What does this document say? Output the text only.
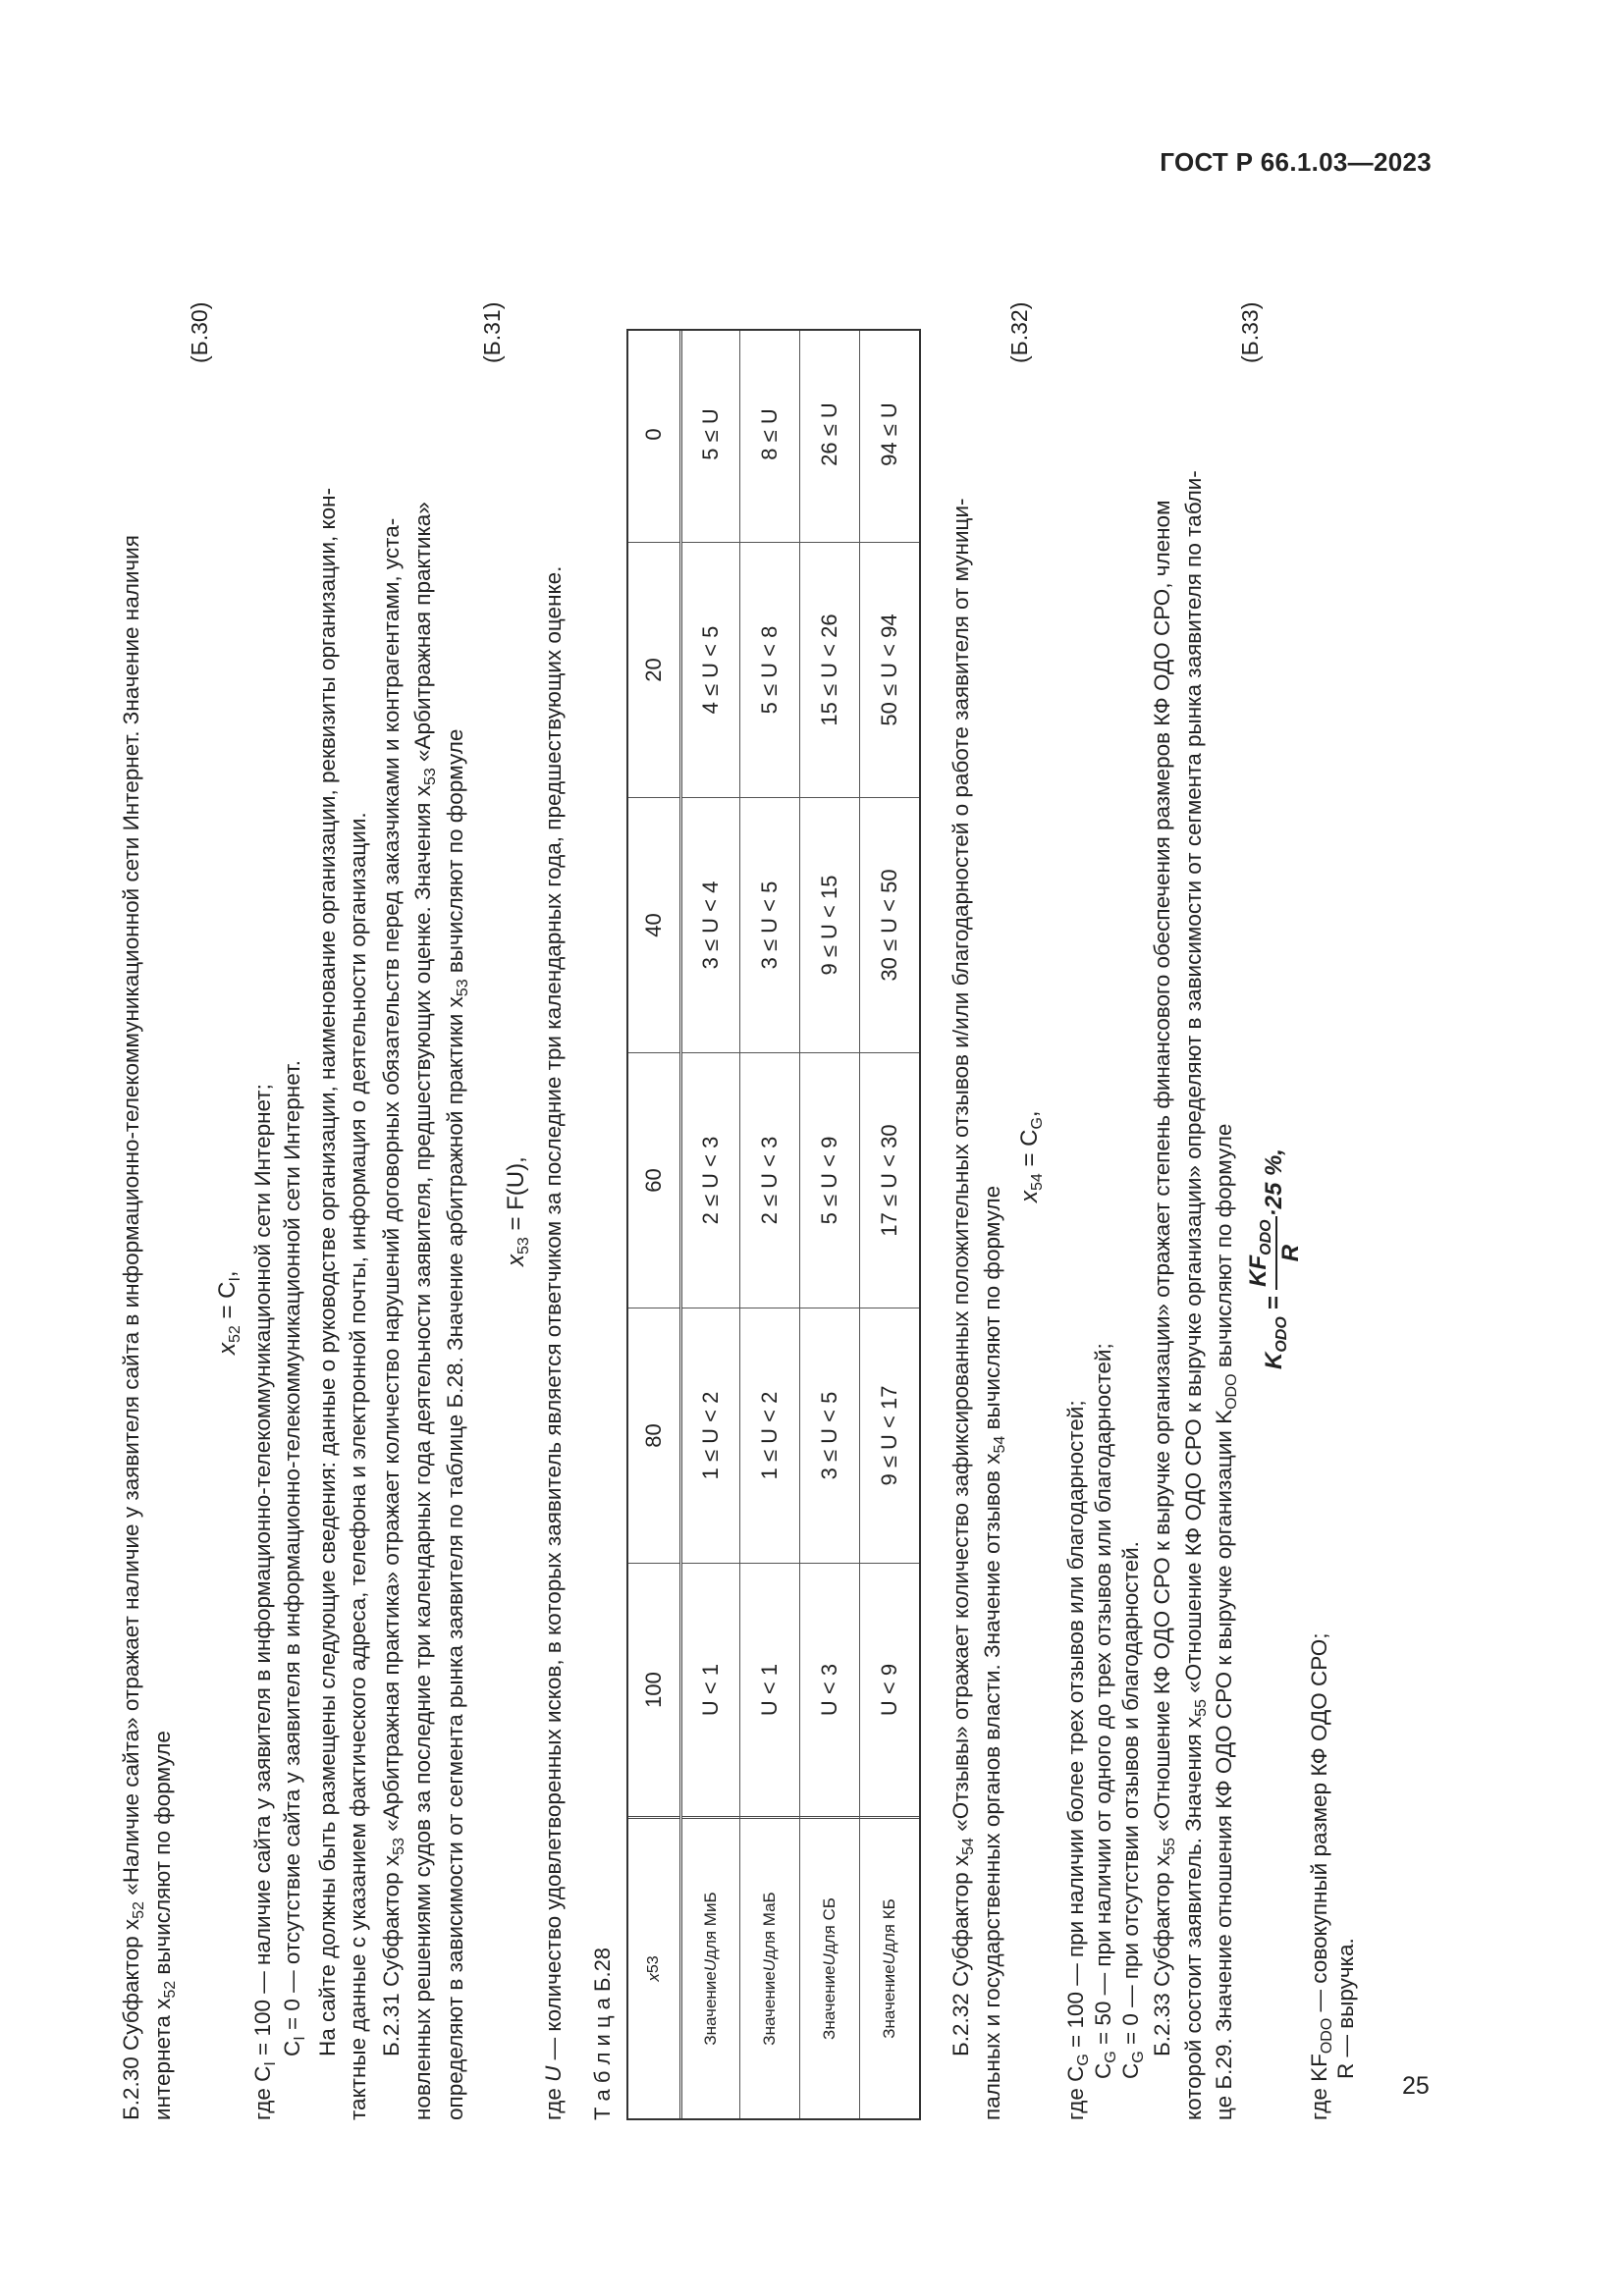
ГОСТ Р 66.1.03—2023
25
Б.2.30 Субфактор $x_{52}$ «Наличие сайта» отражает наличие у заявителя сайта в информационно-телекоммуникационной сети Интернет. Значение наличия
интернета $x_{52}$ вычисляют по формуле
$x_{52} = C_I$,
(Б.30)
где $C_I = 100$ — наличие сайта у заявителя в информационно-телекоммуникационной сети Интернет; $C_I = 0$ — отсутствие сайта у заявителя в информационно-телекоммуникационной сети Интернет. На сайте должны быть размещены следующие сведения: данные о руководстве организации, наименование организации, реквизиты организации, кон- тактные данные с указанием фактического адреса, телефона и электронной почты, информация о деятельности организации. Б.2.31 Субфактор $x_{53}$ «Арбитражная практика» отражает количество нарушений договорных обязательств перед заказчиками и контрагентами, уста- новленных решениями судов за последние три календарных года деятельности заявителя, предшествующих оценке. Значения $x_{53}$ «Арбитражная практика»
определяют в зависимости от сегмента рынка заявителя по таблице Б.28. Значение арбитражной практики $x_{53}$ вычисляют по формуле
$x_{53} = F(U)$,
(Б.31)
где U — количество удовлетворенных исков, в которых заявитель является ответчиком за последние три календарных года, предшествующих оценке. Т а б л и ц а Б.28 x
53
100
80
60
40
20
0
Значение
U
для МиБ
U < 1
1 ≤ U < 2
2 ≤ U < 3
3 ≤ U < 4
4 ≤ U < 5
5 ≤ U
Значение
U
для МаБ
U < 1
1 ≤ U < 2
2 ≤ U < 3
3 ≤ U < 5
5 ≤ U < 8
8 ≤ U
Значение
U
для СБ
U < 3
3 ≤ U < 5
5 ≤ U < 9
9 ≤ U < 15
15 ≤ U < 26
26 ≤ U
Значение
U
для КБ
U < 9
9 ≤ U < 17
17 ≤ U < 30
30 ≤ U < 50
50 ≤ U < 94
94 ≤ U
Б.2.32 Субфактор $x_{54}$ «Отзывы» отражает количество зафиксированных положительных отзывов и/или благодарностей о работе заявителя от муници- пальных и государственных органов власти. Значение отзывов $x_{54}$ вычисляют по формуле $x_{54} = C_G$,
(Б.32)
где $C_G = 100$ — при наличии более трех отзывов или благодарностей;
$C_G = 50$ — при наличии от одного до трех отзывов или благодарностей;
$C_G = 0$ — при отсутствии отзывов и благодарностей. Б.2.33 Субфактор $x_{55}$ «Отношение КФ ОДО СРО к выручке организации» отражает степень финансового обеспечения размеров КФ ОДО СРО, членом
которой состоит заявитель. Значения $x_{55}$ «Отношение КФ ОДО СРО к выручке организации» определяют в зависимости от сегмента рынка заявителя по табли-
це Б.29. Значение отношения КФ ОДО СРО к выручке организации $K_{ODO}$ вычисляют по формуле	$K_{ODO}$ =
$KF_{ODO}$ R
·25 %,
(Б.33)
где $KF_{ODO}$ — совокупный размер КФ ОДО СРО; R — выручка.
